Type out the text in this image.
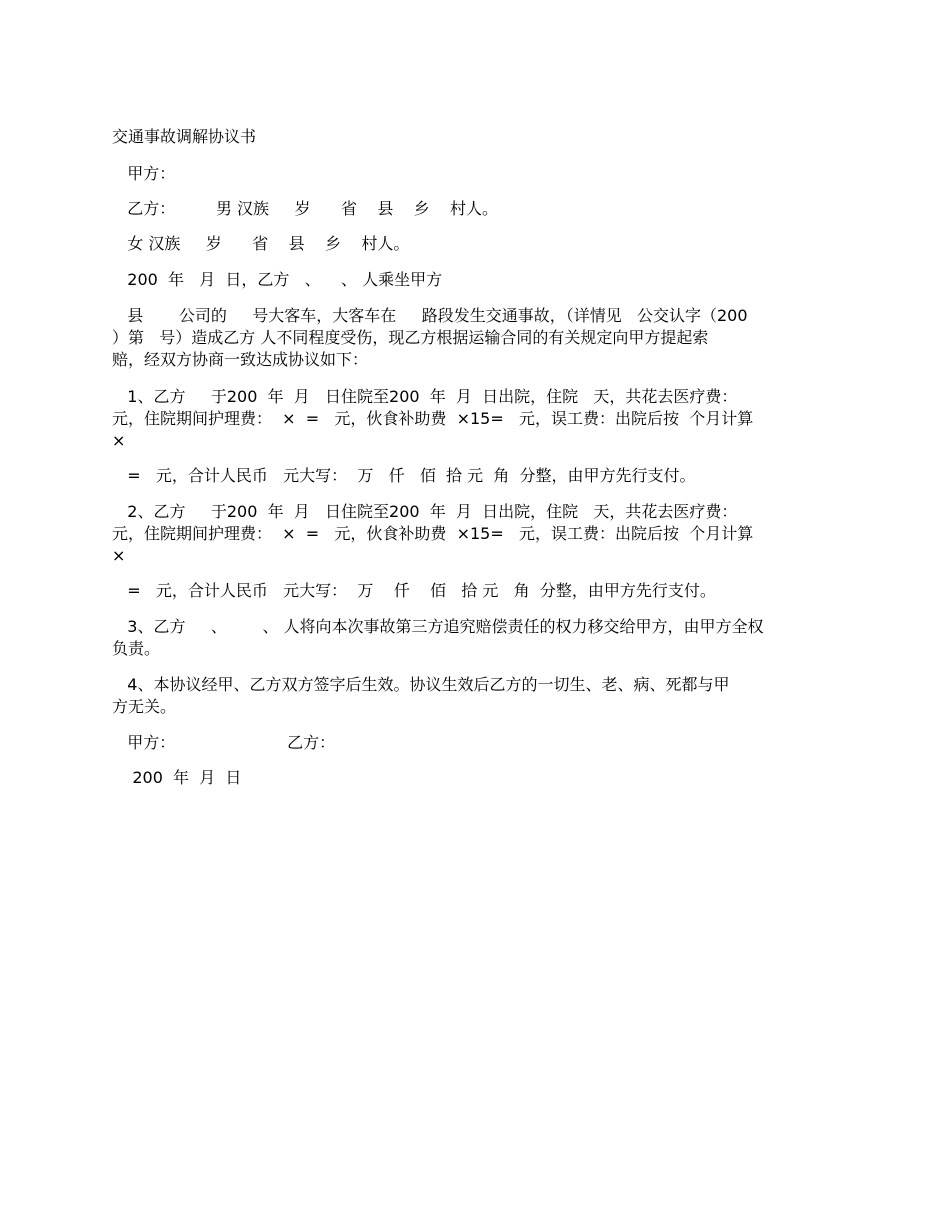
交通事故调解协议书
甲方：
乙方：        男 汉族     岁      省    县    乡    村人。
女 汉族     岁      省    县    乡    村人。
200  年   月  日，乙方   、    、 人乘坐甲方
县       公司的     号大客车，大客车在     路段发生交通事故，（详情见   公交认字（200
）第   号）造成乙方 人不同程度受伤，现乙方根据运输合同的有关规定向甲方提起索
赔，经双方协商一致达成协议如下：
1、乙方     于200  年  月   日住院至200  年  月  日出院，住院   天，共花去医疗费：
元，住院期间护理费：  ×  =   元，伙食补助费  ×15=   元，误工费：出院后按  个月计算
×
=   元，合计人民币   元大写：  万   仟   佰  拾 元  角  分整，由甲方先行支付。
2、乙方     于200  年  月   日住院至200  年  月  日出院，住院   天，共花去医疗费：
元，住院期间护理费：  ×  =   元，伙食补助费  ×15=   元，误工费：出院后按  个月计算
×
=   元，合计人民币   元大写：  万    仟    佰   拾 元   角  分整，由甲方先行支付。
3、乙方     、       、 人将向本次事故第三方追究赔偿责任的权力移交给甲方，由甲方全权
负责。
4、本协议经甲、乙方双方签字后生效。协议生效后乙方的一切生、老、病、死都与甲
方无关。
甲方：                      乙方：
200  年  月  日
